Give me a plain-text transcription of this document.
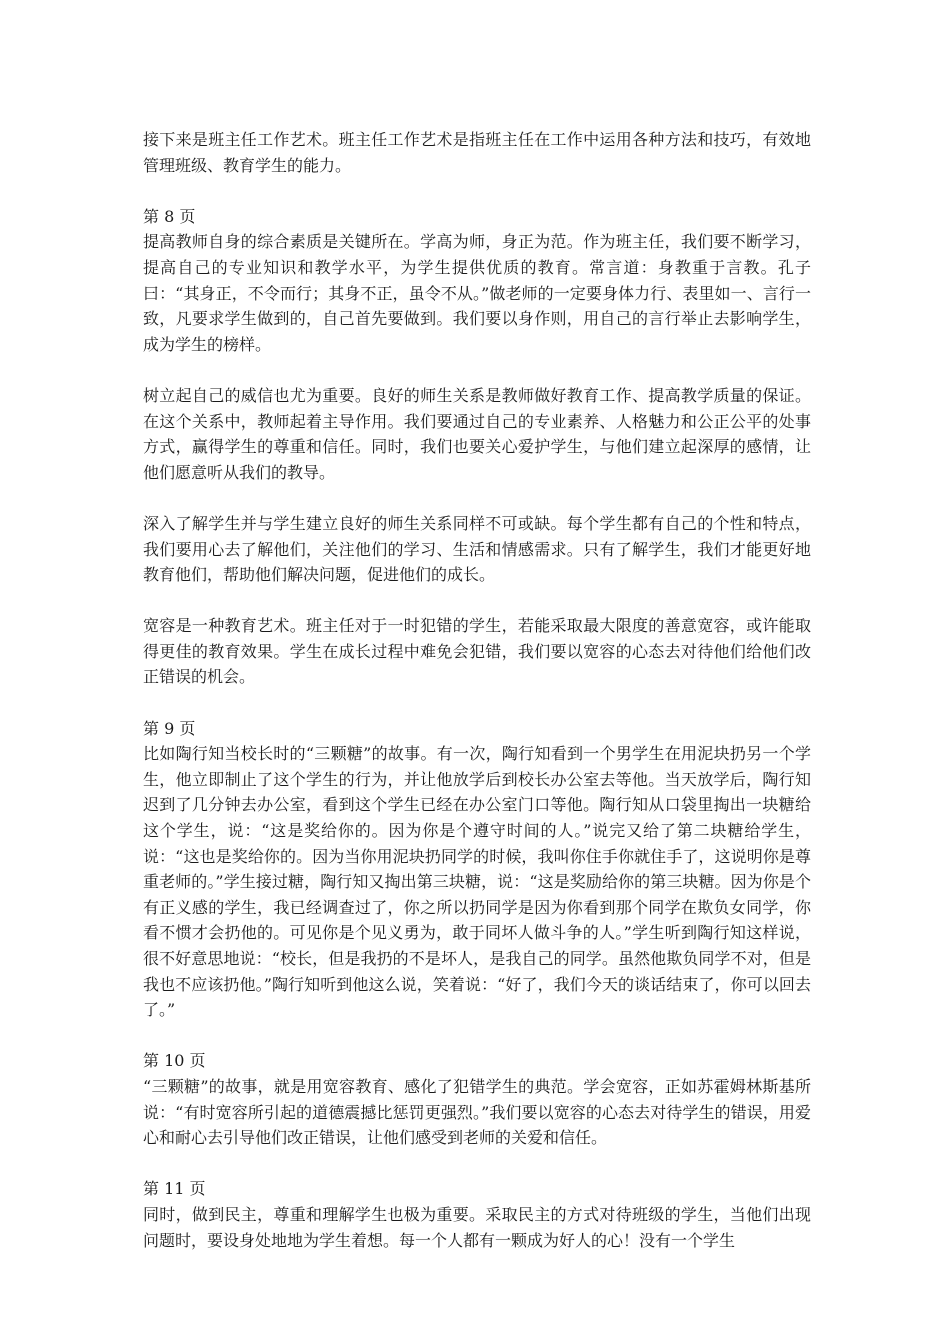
接下来是班主任工作艺术。班主任工作艺术是指班主任在工作中运用各种方法和技巧，有效地管理班级、教育学生的能力。

第 8 页

提高教师自身的综合素质是关键所在。学高为师，身正为范。作为班主任，我们要不断学习，提高自己的专业知识和教学水平，为学生提供优质的教育。常言道：身教重于言教。孔子曰：“其身正，不令而行；其身不正，虽令不从。”做老师的一定要身体力行、表里如一、言行一致，凡要求学生做到的，自己首先要做到。我们要以身作则，用自己的言行举止去影响学生，成为学生的榜样。

树立起自己的威信也尤为重要。良好的师生关系是教师做好教育工作、提高教学质量的保证。在这个关系中，教师起着主导作用。我们要通过自己的专业素养、人格魅力和公正公平的处事方式，赢得学生的尊重和信任。同时，我们也要关心爱护学生，与他们建立起深厚的感情，让他们愿意听从我们的教导。

深入了解学生并与学生建立良好的师生关系同样不可或缺。每个学生都有自己的个性和特点，我们要用心去了解他们，关注他们的学习、生活和情感需求。只有了解学生，我们才能更好地教育他们，帮助他们解决问题，促进他们的成长。

宽容是一种教育艺术。班主任对于一时犯错的学生，若能采取最大限度的善意宽容，或许能取得更佳的教育效果。学生在成长过程中难免会犯错，我们要以宽容的心态去对待他们给他们改正错误的机会。

第 9 页

比如陶行知当校长时的“三颗糖”的故事。有一次，陶行知看到一个男学生在用泥块扔另一个学生，他立即制止了这个学生的行为，并让他放学后到校长办公室去等他。当天放学后，陶行知迟到了几分钟去办公室，看到这个学生已经在办公室门口等他。陶行知从口袋里掏出一块糖给这个学生，说：“这是奖给你的。因为你是个遵守时间的人。”说完又给了第二块糖给学生，说：“这也是奖给你的。因为当你用泥块扔同学的时候，我叫你住手你就住手了，这说明你是尊重老师的。”学生接过糖，陶行知又掏出第三块糖，说：“这是奖励给你的第三块糖。因为你是个有正义感的学生，我已经调查过了，你之所以扔同学是因为你看到那个同学在欺负女同学，你看不惯才会扔他的。可见你是个见义勇为，敢于同坏人做斗争的人。”学生听到陶行知这样说，很不好意思地说：“校长，但是我扔的不是坏人，是我自己的同学。虽然他欺负同学不对，但是我也不应该扔他。”陶行知听到他这么说，笑着说：“好了，我们今天的谈话结束了，你可以回去了。”

第 10 页

“三颗糖”的故事，就是用宽容教育、感化了犯错学生的典范。学会宽容，正如苏霍姆林斯基所说：“有时宽容所引起的道德震撼比惩罚更强烈。”我们要以宽容的心态去对待学生的错误，用爱心和耐心去引导他们改正错误，让他们感受到老师的关爱和信任。

第 11 页

同时，做到民主，尊重和理解学生也极为重要。采取民主的方式对待班级的学生，当他们出现问题时，要设身处地地为学生着想。每一个人都有一颗成为好人的心！没有一个学生
